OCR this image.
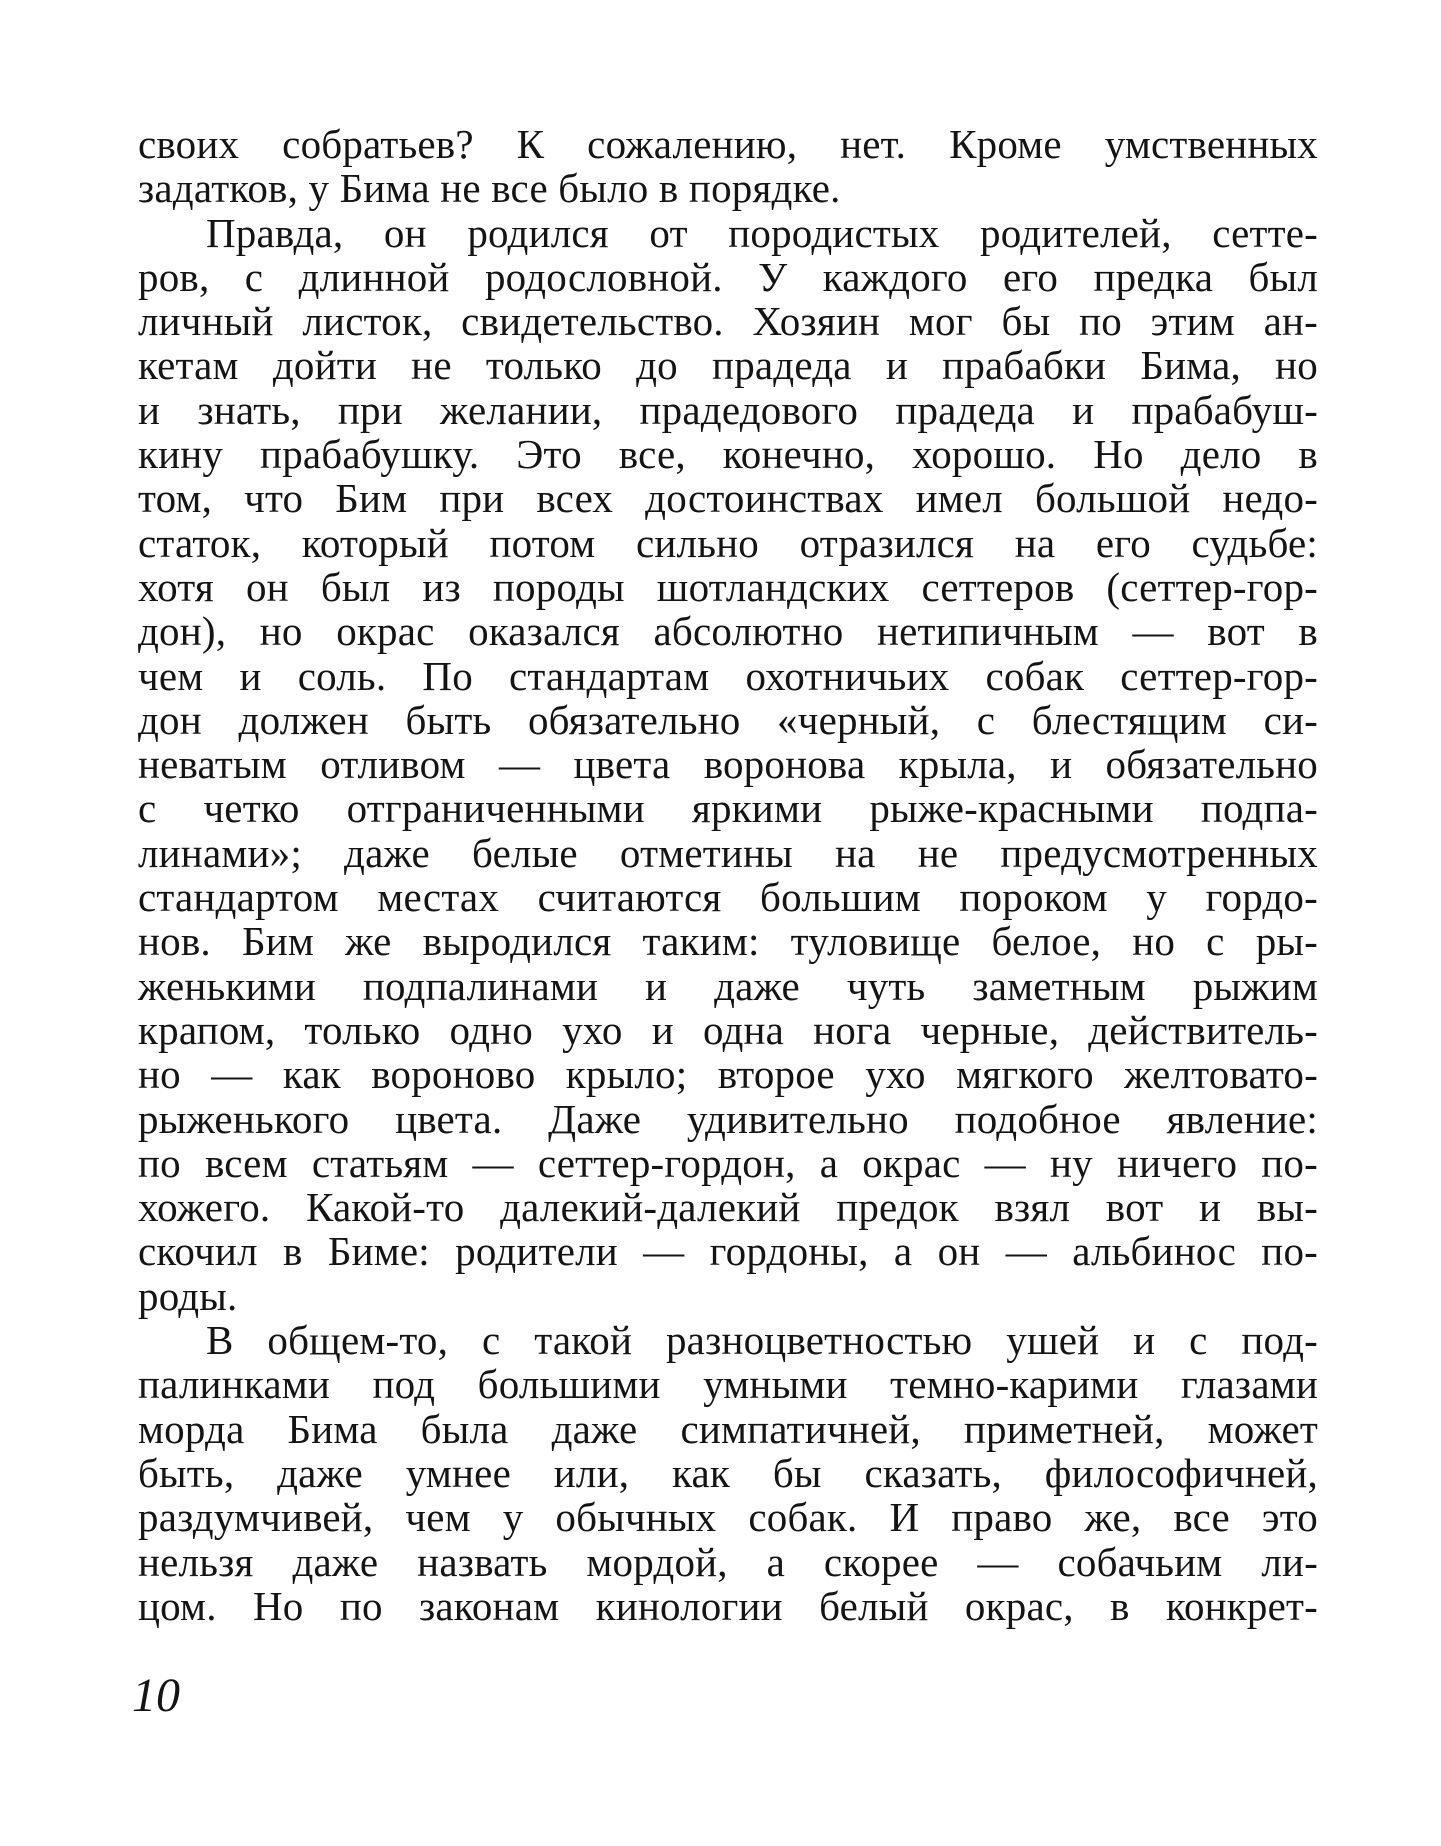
своих собратьев? К сожалению, нет. Кроме умственных
задатков, у Бима не все было в порядке.
Правда, он родился от породистых родителей, сетте-
ров, с длинной родословной. У каждого его предка был
личный листок, свидетельство. Хозяин мог бы по этим ан-
кетам дойти не только до прадеда и прабабки Бима, но
и знать, при желании, прадедового прадеда и прабабуш-
кину прабабушку. Это все, конечно, хорошо. Но дело в
том, что Бим при всех достоинствах имел большой недо-
статок, который потом сильно отразился на его судьбе:
хотя он был из породы шотландских сеттеров (сеттер-гор-
дон), но окрас оказался абсолютно нетипичным — вот в
чем и соль. По стандартам охотничьих собак сеттер-гор-
дон должен быть обязательно «черный, с блестящим си-
неватым отливом — цвета воронова крыла, и обязательно
с четко отграниченными яркими рыже-красными подпа-
линами»; даже белые отметины на не предусмотренных
стандартом местах считаются большим пороком у гордо-
нов. Бим же выродился таким: туловище белое, но с ры-
женькими подпалинами и даже чуть заметным рыжим
крапом, только одно ухо и одна нога черные, действитель-
но — как вороново крыло; второе ухо мягкого желтовато-
рыженького цвета. Даже удивительно подобное явление:
по всем статьям — сеттер-гордон, а окрас — ну ничего по-
хожего. Какой-то далекий-далекий предок взял вот и вы-
скочил в Биме: родители — гордоны, а он — альбинос по-
роды.
В общем-то, с такой разноцветностью ушей и с под-
палинками под большими умными темно-карими глазами
морда Бима была даже симпатичней, приметней, может
быть, даже умнее или, как бы сказать, философичней,
раздумчивей, чем у обычных собак. И право же, все это
нельзя даже назвать мордой, а скорее — собачьим ли-
цом. Но по законам кинологии белый окрас, в конкрет-
10
